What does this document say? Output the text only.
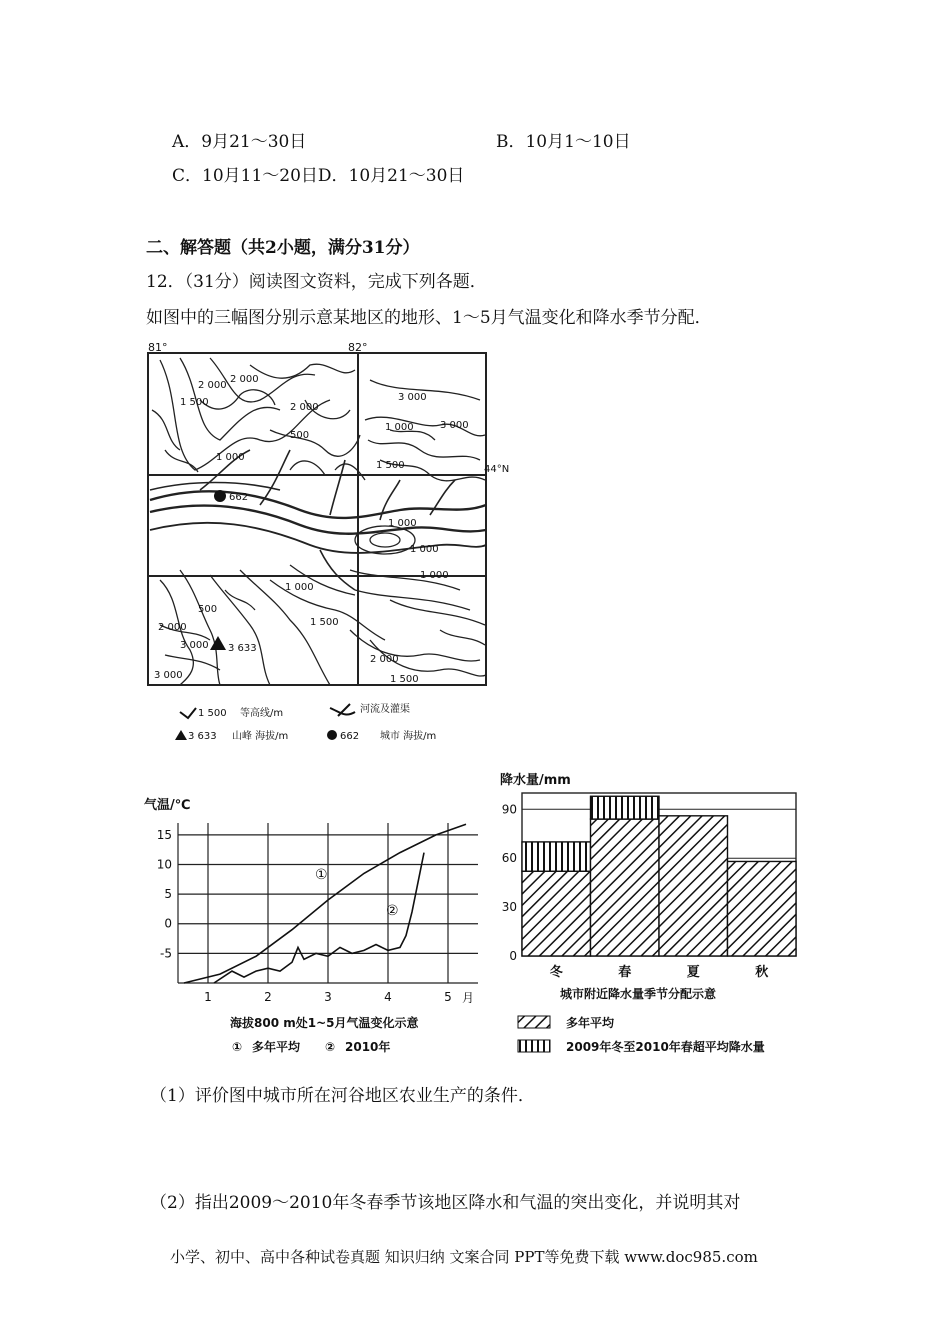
A．9月21～30日	B．10月1～10日
C．10月11～20日D．10月21～30日
二、解答题（共2小题，满分31分）
12．（31分）阅读图文资料，完成下列各题．
如图中的三幅图分别示意某地区的地形、1～5月气温变化和降水季节分配．
81°	82°
44°N
2 000
2 000
1 500	2 000
500
3 000
3 000
1 000
1 500
1 000
1 000
1 000
1 500
500
2 000
3 000
3 000
2 000
1 500
1 000
1 000
662
3 633
1 500 等高线/m	河流及灌渠
3 633 山峰 海拔/m	662 城市 海拔/m
气温/℃
月
15
10
5
0
-5
1	2	3	4	5
①
②
海拔800 m处1~5月气温变化示意
① 多年平均 ② 2010年
降水量/mm
90
60
30
0
冬	春	夏	秋
城市附近降水量季节分配示意
多年平均
2009年冬至2010年春超平均降水量
（1）评价图中城市所在河谷地区农业生产的条件．
（2）指出2009～2010年冬春季节该地区降水和气温的突出变化，并说明其对
小学、初中、高中各种试卷真题 知识归纳 文案合同 PPT等免费下载 www.doc985.com
